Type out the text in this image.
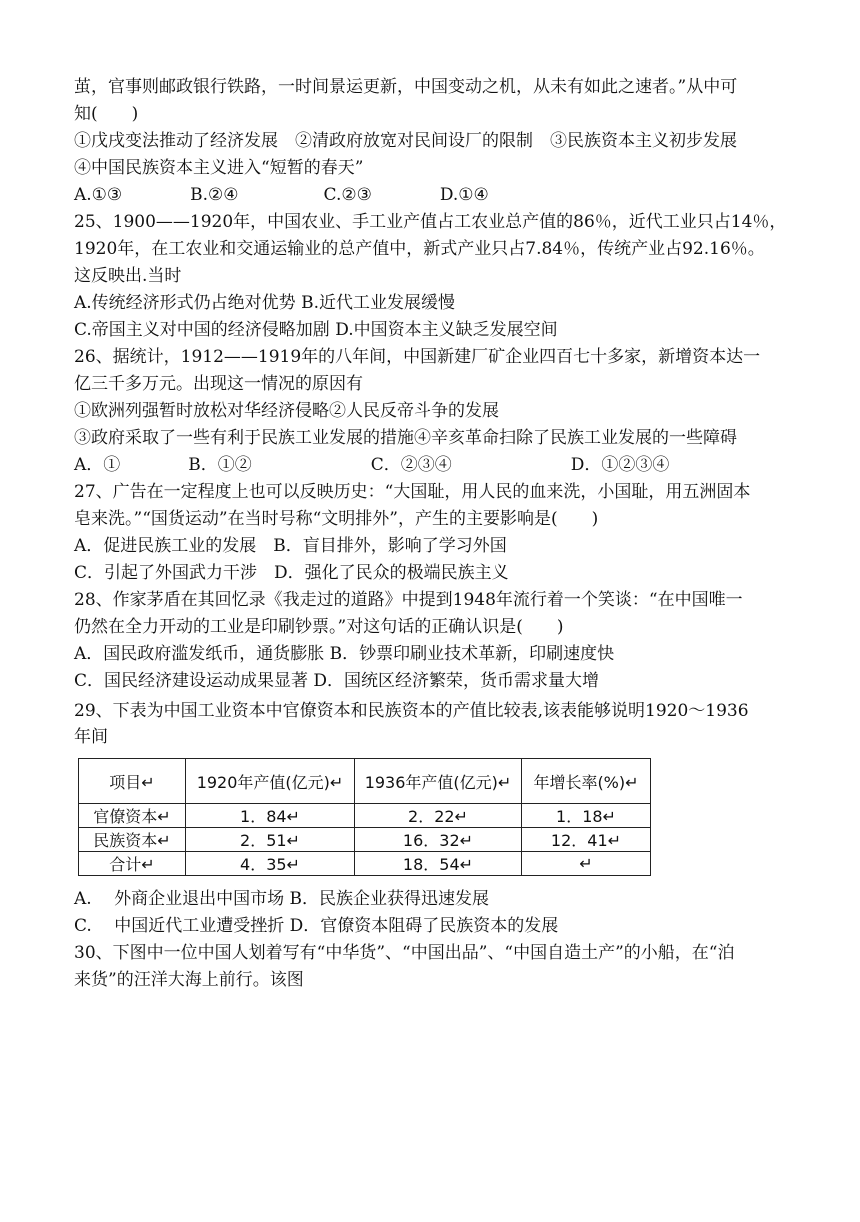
茧，官事则邮政银行铁路，一时间景运更新，中国变动之机，从未有如此之速者。”从中可
知(　　)
①戊戌变法推动了经济发展　②清政府放宽对民间设厂的限制　③民族资本主义初步发展
④中国民族资本主义进入“短暂的春天”
A.①③　　　　B.②④　　　　　C.②③　　　　D.①④
25、1900——1920年，中国农业、手工业产值占工农业总产值的86％，近代工业只占14％，
1920年，在工农业和交通运输业的总产值中，新式产业只占7.84％，传统产业占92.16％。
这反映出.当时
A.传统经济形式仍占绝对优势 B.近代工业发展缓慢
C.帝国主义对中国的经济侵略加剧 D.中国资本主义缺乏发展空间
26、据统计，1912——1919年的八年间，中国新建厂矿企业四百七十多家，新增资本达一
亿三千多万元。出现这一情况的原因有
①欧洲列强暂时放松对华经济侵略②人民反帝斗争的发展
③政府采取了一些有利于民族工业发展的措施④辛亥革命扫除了民族工业发展的一些障碍
A．①　　　　B．①②　　　　　　　C．②③④　　　　　　　D．①②③④
27、广告在一定程度上也可以反映历史：“大国耻，用人民的血来洗，小国耻，用五洲固本
皂来洗。”“国货运动”在当时号称“文明排外”，产生的主要影响是(　　)
A．促进民族工业的发展　B．盲目排外，影响了学习外国
C．引起了外国武力干涉　D．强化了民众的极端民族主义
28、作家茅盾在其回忆录《我走过的道路》中提到1948年流行着一个笑谈：“在中国唯一
仍然在全力开动的工业是印刷钞票。”对这句话的正确认识是(　　)
A．国民政府滥发纸币，通货膨胀 B．钞票印刷业技术革新，印刷速度快
C．国民经济建设运动成果显著 D．国统区经济繁荣，货币需求量大增
29、下表为中国工业资本中官僚资本和民族资本的产值比较表,该表能够说明1920～1936
年间
项目↵	1920年产值(亿元)↵	1936年产值(亿元)↵	年增长率(%)↵
官僚资本↵	1．84↵	2．22↵	1．18↵
民族资本↵	2．51↵	16．32↵	12．41↵
合计↵	4．35↵	18．54↵	↵
A.　 外商企业退出中国市场 B．民族企业获得迅速发展
C.　 中国近代工业遭受挫折 D．官僚资本阻碍了民族资本的发展
30、下图中一位中国人划着写有“中华货”、“中国出品”、“中国自造土产”的小船，在“泊
来货”的汪洋大海上前行。该图
